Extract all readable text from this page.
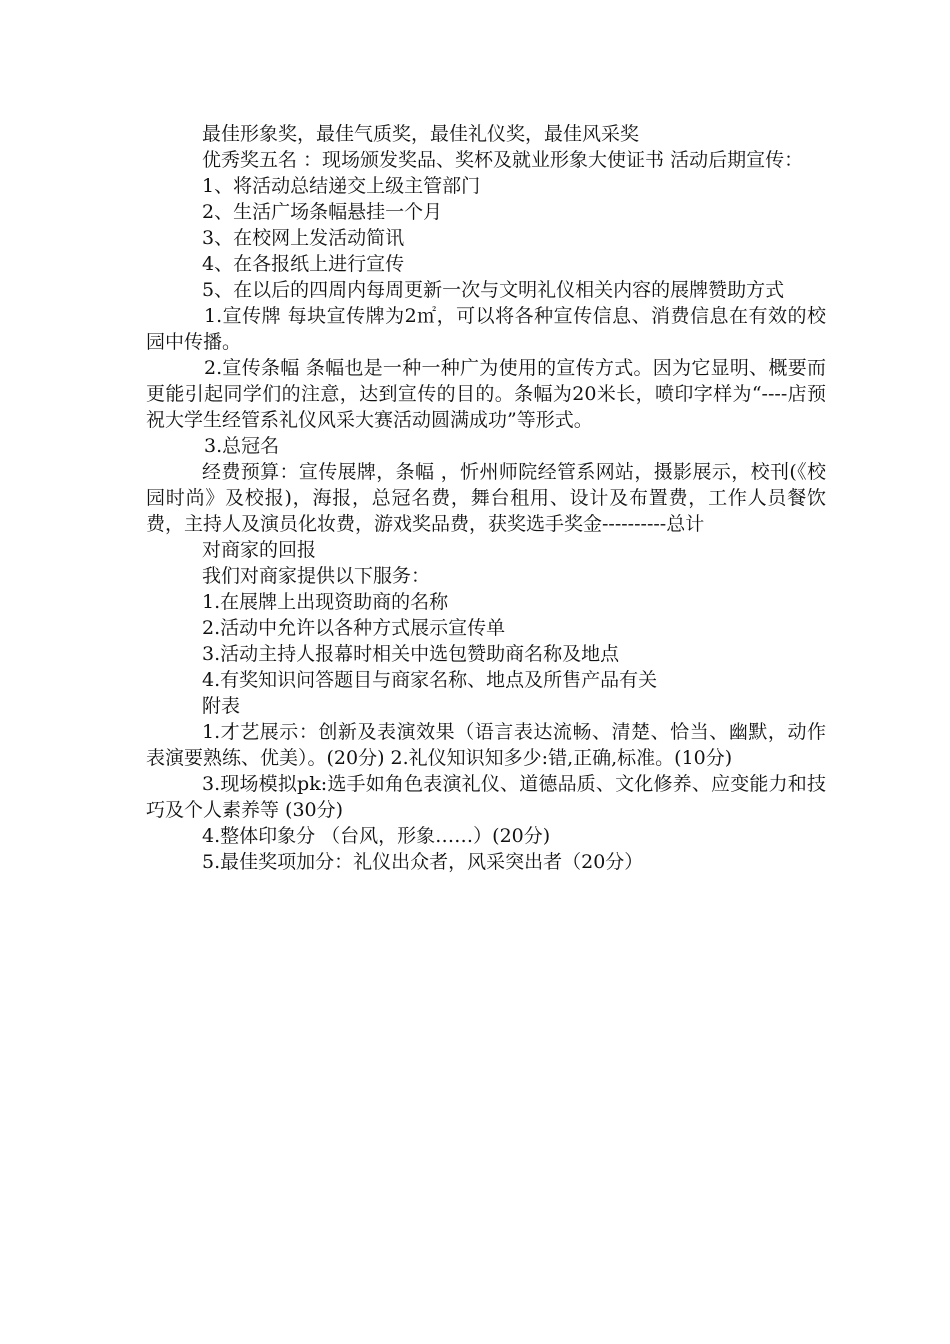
最佳形象奖，最佳气质奖，最佳礼仪奖，最佳风采奖

优秀奖五名 ：现场颁发奖品、奖杯及就业形象大使证书 活动后期宣传：

1、将活动总结递交上级主管部门

2、生活广场条幅悬挂一个月

3、在校网上发活动简讯

4、在各报纸上进行宣传

5、在以后的四周内每周更新一次与文明礼仪相关内容的展牌赞助方式

1.宣传牌 每块宣传牌为2㎡，可以将各种宣传信息、消费信息在有效的校园中传播。

2.宣传条幅 条幅也是一种一种广为使用的宣传方式。因为它显明、概要而更能引起同学们的注意，达到宣传的目的。条幅为20米长，喷印字样为“----店预祝大学生经管系礼仪风采大赛活动圆满成功”等形式。

3.总冠名

经费预算：宣传展牌，条幅 ，忻州师院经管系网站，摄影展示，校刊(《校园时尚》及校报)，海报，总冠名费，舞台租用、设计及布置费，工作人员餐饮费，主持人及演员化妆费，游戏奖品费，获奖选手奖金----------总计

对商家的回报

我们对商家提供以下服务：

1.在展牌上出现资助商的名称

2.活动中允许以各种方式展示宣传单

3.活动主持人报幕时相关中选包赞助商名称及地点

4.有奖知识问答题目与商家名称、地点及所售产品有关

附表

1.才艺展示：创新及表演效果（语言表达流畅、清楚、恰当、幽默，动作表演要熟练、优美）。(20分) 2.礼仪知识知多少:错,正确,标准。(10分)

3.现场模拟pk:选手如角色表演礼仪、道德品质、文化修养、应变能力和技巧及个人素养等 (30分)

4.整体印象分 （台风，形象……）(20分)

5.最佳奖项加分：礼仪出众者，风采突出者（20分）
